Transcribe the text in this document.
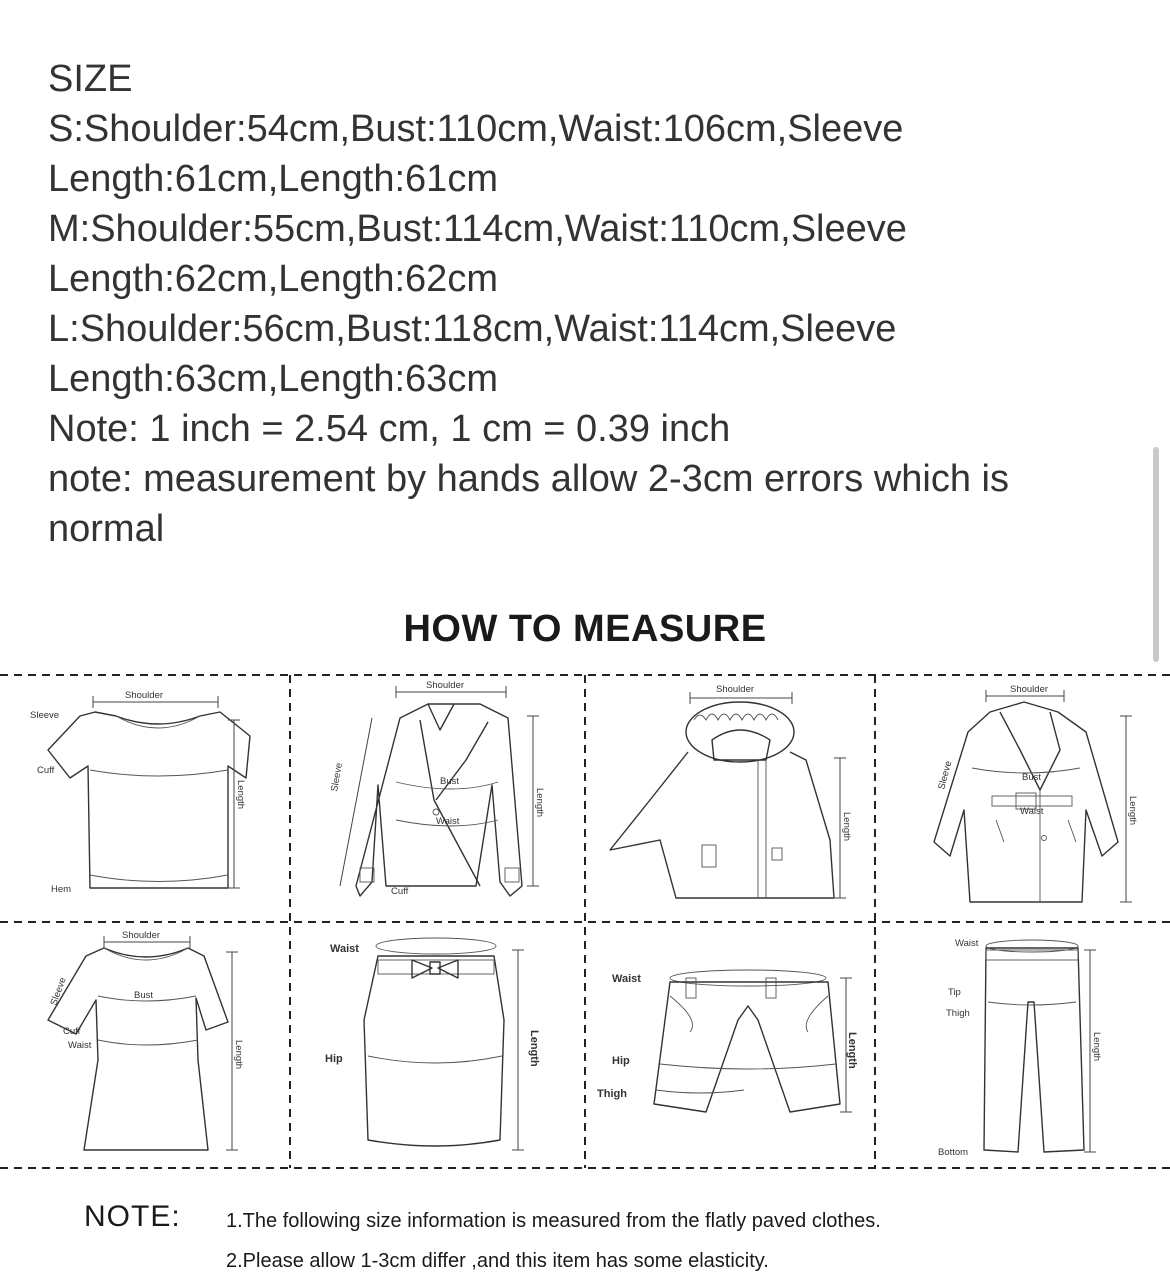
SIZE
S:Shoulder:54cm,Bust:110cm,Waist:106cm,Sleeve Length:61cm,Length:61cm
M:Shoulder:55cm,Bust:114cm,Waist:110cm,Sleeve Length:62cm,Length:62cm
L:Shoulder:56cm,Bust:118cm,Waist:114cm,Sleeve Length:63cm,Length:63cm
Note: 1 inch = 2.54 cm, 1 cm = 0.39 inch
note: measurement by hands allow 2-3cm errors which is normal
HOW TO MEASURE
Shoulder
Sleeve
Cuff
Hem
Length
Shoulder
Bust
Waist
Cuff
Sleeve
Length
Shoulder
Length
Shoulder
Bust
Waist
Sleeve
Length
Shoulder
Bust
Cuff
Waist
Sleeve
Length
Waist
Hip	Length
Waist
Hip
Thigh
Length
Waist
Tip
Thigh
Bottom
Length
NOTE: 1.The following size information is measured from the flatly paved clothes.
2.Please allow 1-3cm differ ,and this item has some elasticity.
